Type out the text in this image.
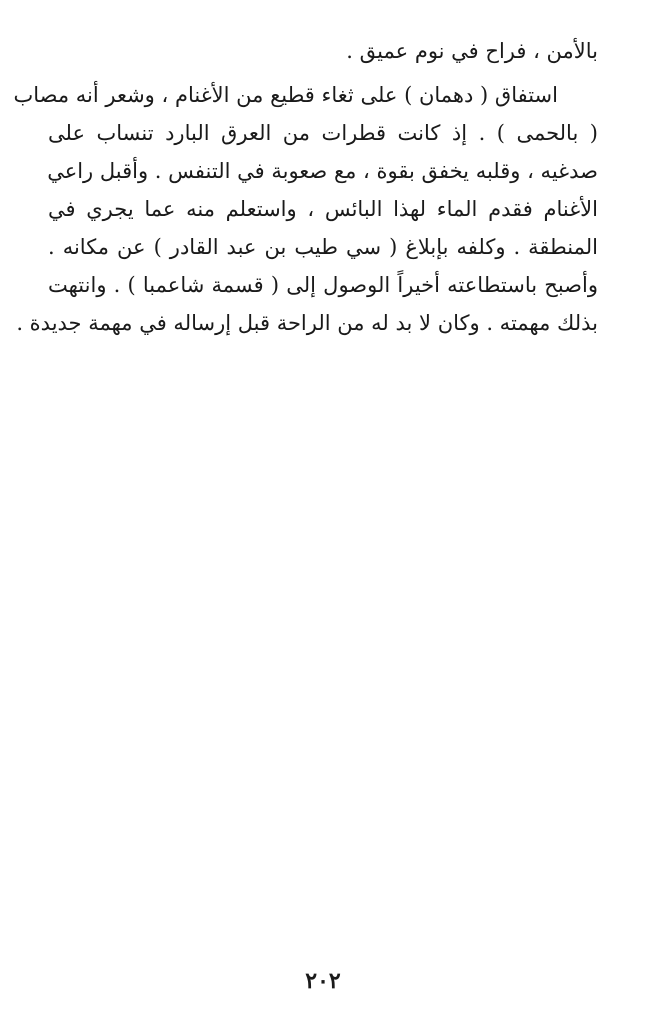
بالأمن ، فراح في نوم عميق .
استفاق ( دهمان ) على ثغاء قطيع من الأغنام ، وشعر أنه مصاب
( بالحمى ) . إذ كانت قطرات من العرق البارد تنساب على
صدغيه ، وقلبه يخفق بقوة ، مع صعوبة في التنفس . وأقبل راعي
الأغنام فقدم الماء لهذا البائس ، واستعلم منه عما يجري في
المنطقة . وكلفه بإبلاغ ( سي طيب بن عبد القادر ) عن مكانه .
وأصبح باستطاعته أخيراً الوصول إلى ( قسمة شاعمبا ) . وانتهت
بذلك مهمته . وكان لا بد له من الراحة قبل إرساله في مهمة جديدة .
٢٠٢
